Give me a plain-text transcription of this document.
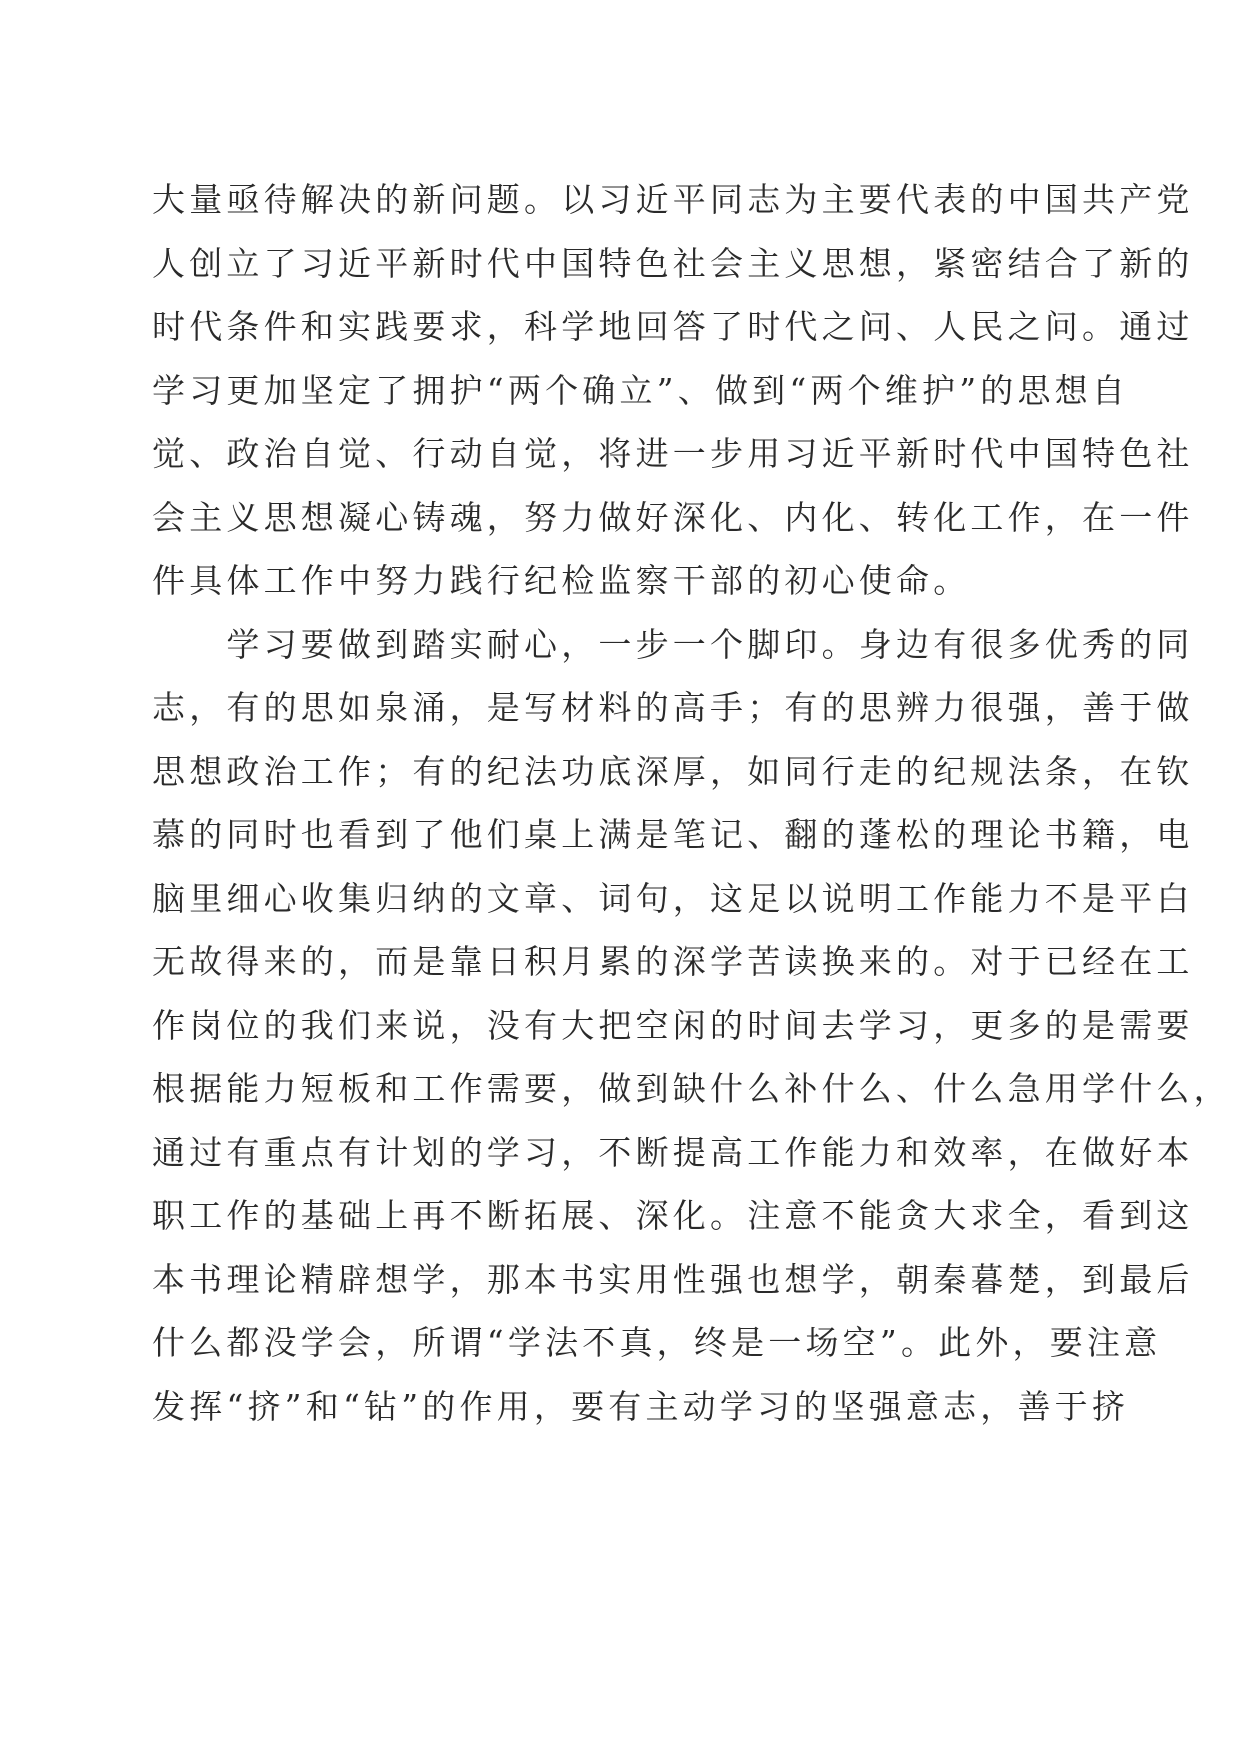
大量亟待解决的新问题。以习近平同志为主要代表的中国共产党
人创立了习近平新时代中国特色社会主义思想，紧密结合了新的
时代条件和实践要求，科学地回答了时代之问、人民之问。通过
学习更加坚定了拥护“两个确立”、做到“两个维护”的思想自
觉、政治自觉、行动自觉，将进一步用习近平新时代中国特色社
会主义思想凝心铸魂，努力做好深化、内化、转化工作，在一件
件具体工作中努力践行纪检监察干部的初心使命。
　　学习要做到踏实耐心，一步一个脚印。身边有很多优秀的同
志，有的思如泉涌，是写材料的高手；有的思辨力很强，善于做
思想政治工作；有的纪法功底深厚，如同行走的纪规法条，在钦
慕的同时也看到了他们桌上满是笔记、翻的蓬松的理论书籍，电
脑里细心收集归纳的文章、词句，这足以说明工作能力不是平白
无故得来的，而是靠日积月累的深学苦读换来的。对于已经在工
作岗位的我们来说，没有大把空闲的时间去学习，更多的是需要
根据能力短板和工作需要，做到缺什么补什么、什么急用学什么，
通过有重点有计划的学习，不断提高工作能力和效率，在做好本
职工作的基础上再不断拓展、深化。注意不能贪大求全，看到这
本书理论精辟想学，那本书实用性强也想学，朝秦暮楚，到最后
什么都没学会，所谓“学法不真，终是一场空”。此外，要注意
发挥“挤”和“钻”的作用，要有主动学习的坚强意志，善于挤
